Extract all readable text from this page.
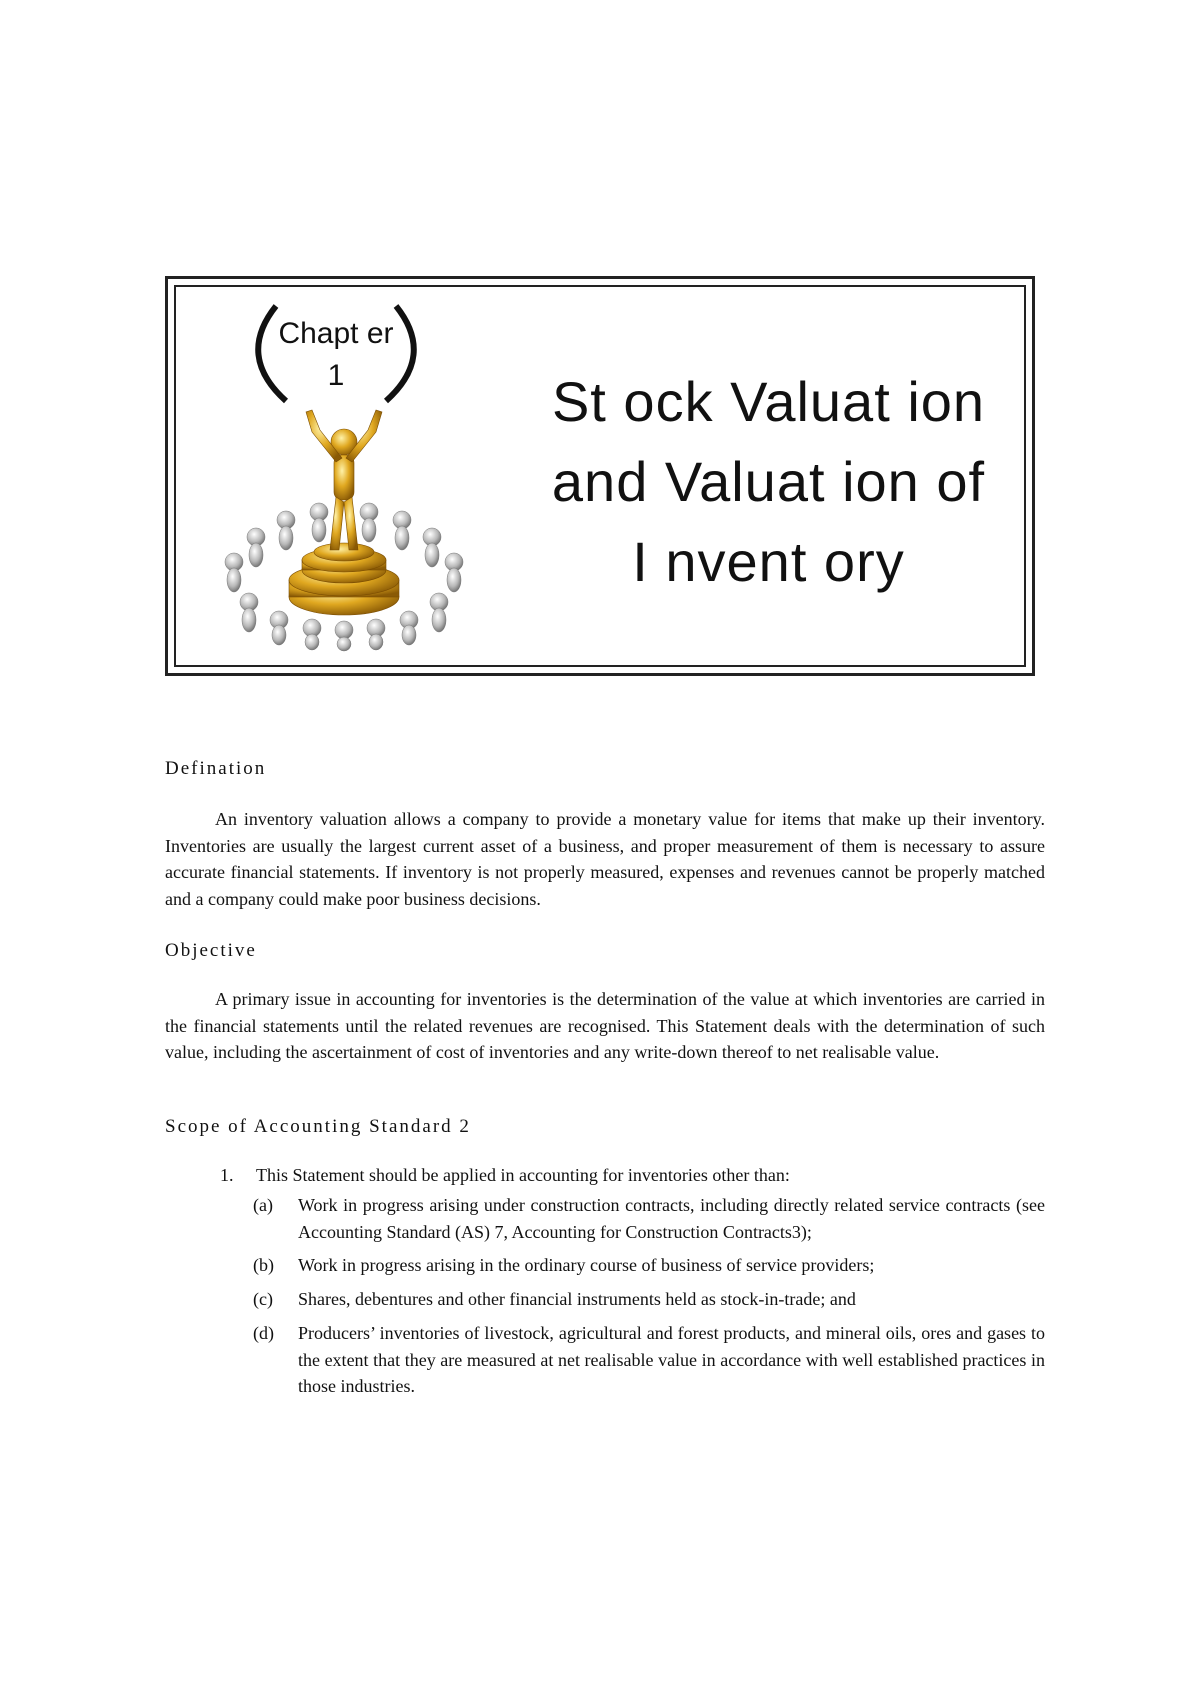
Chapt er
1	St ock Valuat ion
and Valuat ion of
I nvent ory
Defination

An inventory valuation allows a company to provide a monetary value for items that make up their inventory. Inventories are usually the largest current asset of a business, and proper measurement of them is necessary to assure accurate financial statements. If inventory is not properly measured, expenses and revenues cannot be properly matched and a company could make poor business decisions.

Objective

A primary issue in accounting for inventories is the determination of the value at which inventories are carried in the financial statements until the related revenues are recognised. This Statement deals with the determination of such value, including the ascertainment of cost of inventories and any write-down thereof to net realisable value.

Scope of Accounting Standard 2
1. This Statement should be applied in accounting for inventories other than:
(a)	Work in progress arising under construction contracts, including directly related service contracts (see Accounting Standard (AS) 7, Accounting for Construction Contracts3);
(b)	Work in progress arising in the ordinary course of business of service providers;
(c)	Shares, debentures and other financial instruments held as stock-in-trade; and
(d)	Producers’ inventories of livestock, agricultural and forest products, and mineral oils, ores and gases to the extent that they are measured at net realisable value in accordance with well established practices in those industries.
